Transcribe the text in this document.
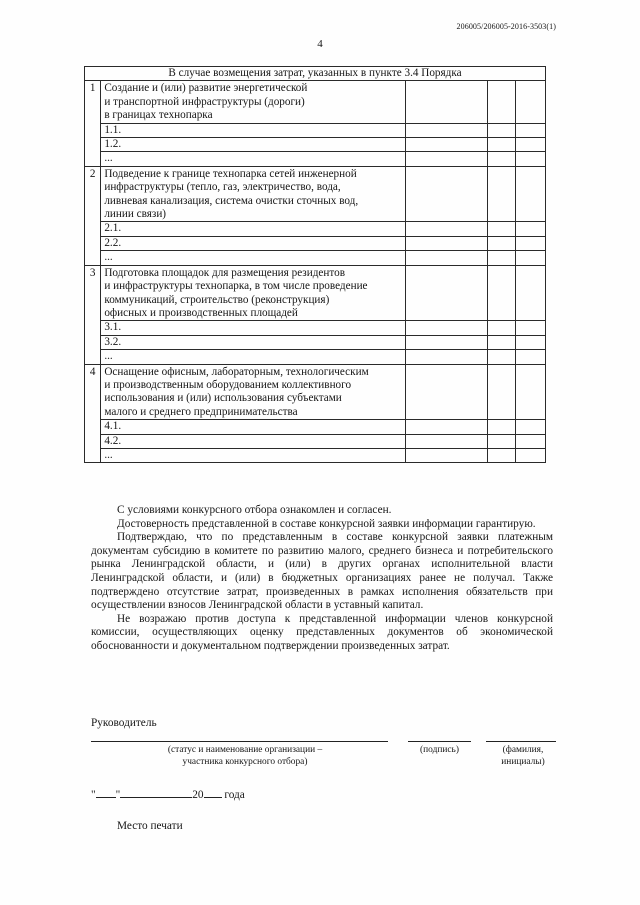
206005/206005-2016-3503(1)
4
В случае возмещения затрат, указанных в пункте 3.4 Порядка				
1	Создание и (или) развитие энергетической
и транспортной инфраструктуры (дороги)
в границах технопарка			

	1.1.			
	1.2.			
	...			
2	Подведение к границе технопарка сетей инженерной
инфраструктуры (тепло, газ, электричество, вода,
ливневая канализация, система очистки сточных вод,
линии связи)			

	2.1.			
	2.2.			
	...			
3	Подготовка площадок для размещения резидентов
и инфраструктуры технопарка, в том числе проведение
коммуникаций, строительство (реконструкция)
офисных и производственных площадей			

	3.1.			
	3.2.			
	...			
4	Оснащение офисным, лабораторным, технологическим
и производственным оборудованием коллективного
использования и (или) использования субъектами
малого и среднего предпринимательства			

	4.1.			
	4.2.			
	...			

С условиями конкурсного отбора ознакомлен и согласен.

Достоверность представленной в составе конкурсной заявки информации гарантирую.

Подтверждаю, что по представленным в составе конкурсной заявки платежным документам субсидию в комитете по развитию малого, среднего бизнеса и потребительского рынка Ленинградской области, и (или) в других органах исполнительной власти Ленинградской области, и (или) в бюджетных организациях ранее не получал. Также подтверждено отсутствие затрат, произведенных в рамках исполнения обязательств при осуществлении взносов Ленинградской области в уставный капитал.

Не возражаю против доступа к представленной информации членов конкурсной комиссии, осуществляющих оценку представленных документов об экономической обоснованности и документальном подтверждении произведенных затрат.

Руководитель
(статус и наименование организации –
участника конкурсного отбора)
(подпись)	(фамилия,
инициалы)
" "	20 года
Место печати
